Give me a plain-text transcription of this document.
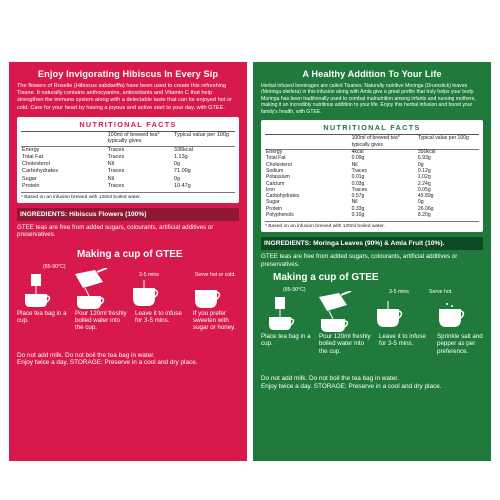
Enjoy Invigorating Hibiscus In Every Sip
The flowers of Roselle (Hibiscus sabdariffa) have been used to create this refreshing Tisane. It naturally contains anthocyanins, antioxidants and Vitamin C that help strengthen the immune system along with a delectable taste that can be enjoyed hot or cold. Care for your heart by having a joyous and active start to your day, with GTEE.
NUTRITIONAL FACTS
	100ml of brewed tea* typically gives	Typical value per 100g
Energy	Traces	336kcal
Total Fat	Traces	1.13g
Cholesterol	Nil	0g
Carbohydrates	Traces	71.00g
Sugar	Nil	0g
Protein	Traces	10.47g
* Based on an infusion brewed with 120ml boiled water.
INGREDIENTS: Hibiscus Flowers (100%)
GTEE teas are free from added sugars, colourants, artificial additives or preservatives.
Making a cup of GTEE
(85-90°C)
3-5 mins	Serve hot or cold.
Place tea bag in a cup.
Pour 120ml freshly boiled water into the cup.
Leave it to infuse for 3-5 mins.
If you prefer sweeten with sugar or honey.
Do not add milk. Do not boil the tea bag in water.
Enjoy twice a day. STORAGE: Preserve in a cool and dry place.
A Healthy Addition To Your Life
Herbal infused beverages are called Tisanes. Naturally nutritive Moringa (Drumstick) leaves (Moringa oleifera) in this infusion along with Amla give a great profile that truly helps your body. Moringa has been traditionally used to combat malnutrition among infants and nursing mothers, making it an incredibly nutritious addition to your life. Enjoy this herbal infusion and boost your family's health, with GTEE.
NUTRITIONAL FACTS
	100ml of brewed tea* typically gives	Typical value per 100g
Energy	4kcal	350kcal
Total Fat	0.09g	6.93g
Cholesterol	Nil	0g
Sodium	Traces	0.12g
Potassium	0.01g	1.02g
Calcium	0.03g	2.24g
Iron	Traces	0.05g
Carbohydrates	0.57g	45.89g
Sugar	Nil	0g
Protein	0.33g	26.06g
Polyphenols	0.10g	8.20g
* Based on an infusion brewed with 120ml boiled water.
INGREDIENTS: Moringa Leaves (90%) & Amla Fruit (10%).
GTEE teas are free from added sugars, colourants, artificial additives or preservatives.
Making a cup of GTEE
(85-90°C)	3-5 mins	Serve hot.
Place tea bag in a cup.
Pour 120ml freshly boiled water into the cup.
Leave it to infuse for 3-5 mins.
Sprinkle salt and pepper as per preference.
Do not add milk. Do not boil the tea bag in water.
Enjoy twice a day. STORAGE: Preserve in a cool and dry place.
